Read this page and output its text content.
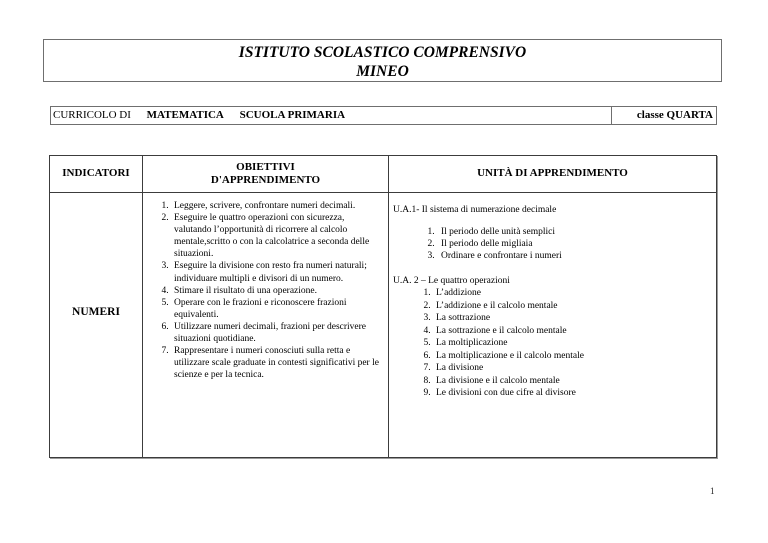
ISTITUTO SCOLASTICO COMPRENSIVO
MINEO
CURRICOLO DI MATEMATICA SCUOLA PRIMARIA	classe QUARTA
INDICATORI
OBIETTIVI
D'APPRENDIMENTO
UNITÀ DI APPRENDIMENTO
NUMERI
1. Leggere, scrivere, confrontare numeri decimali.
2. Eseguire le quattro operazioni con sicurezza, valutando l’opportunità di ricorrere al calcolo mentale,scritto o con la calcolatrice a seconda delle situazioni.
3. Eseguire la divisione con resto fra numeri naturali; individuare multipli e divisori di un numero.
4. Stimare il risultato di una operazione.
5. Operare con le frazioni e riconoscere frazioni equivalenti.
6. Utilizzare numeri decimali, frazioni per descrivere situazioni quotidiane.
7. Rappresentare i numeri conosciuti sulla retta e utilizzare scale graduate in contesti significativi per le scienze e per la tecnica.
U.A.1- Il sistema di numerazione decimale
1. Il periodo delle unità semplici
2. Il periodo delle migliaia
3. Ordinare e confrontare i numeri
U.A. 2 – Le quattro operazioni
1. L’addizione
2. L’addizione e il calcolo mentale
3. La sottrazione
4. La sottrazione e il calcolo mentale
5. La moltiplicazione
6. La moltiplicazione e il calcolo mentale
7. La divisione
8. La divisione e il calcolo mentale
9. Le divisioni con due cifre al divisore
1
